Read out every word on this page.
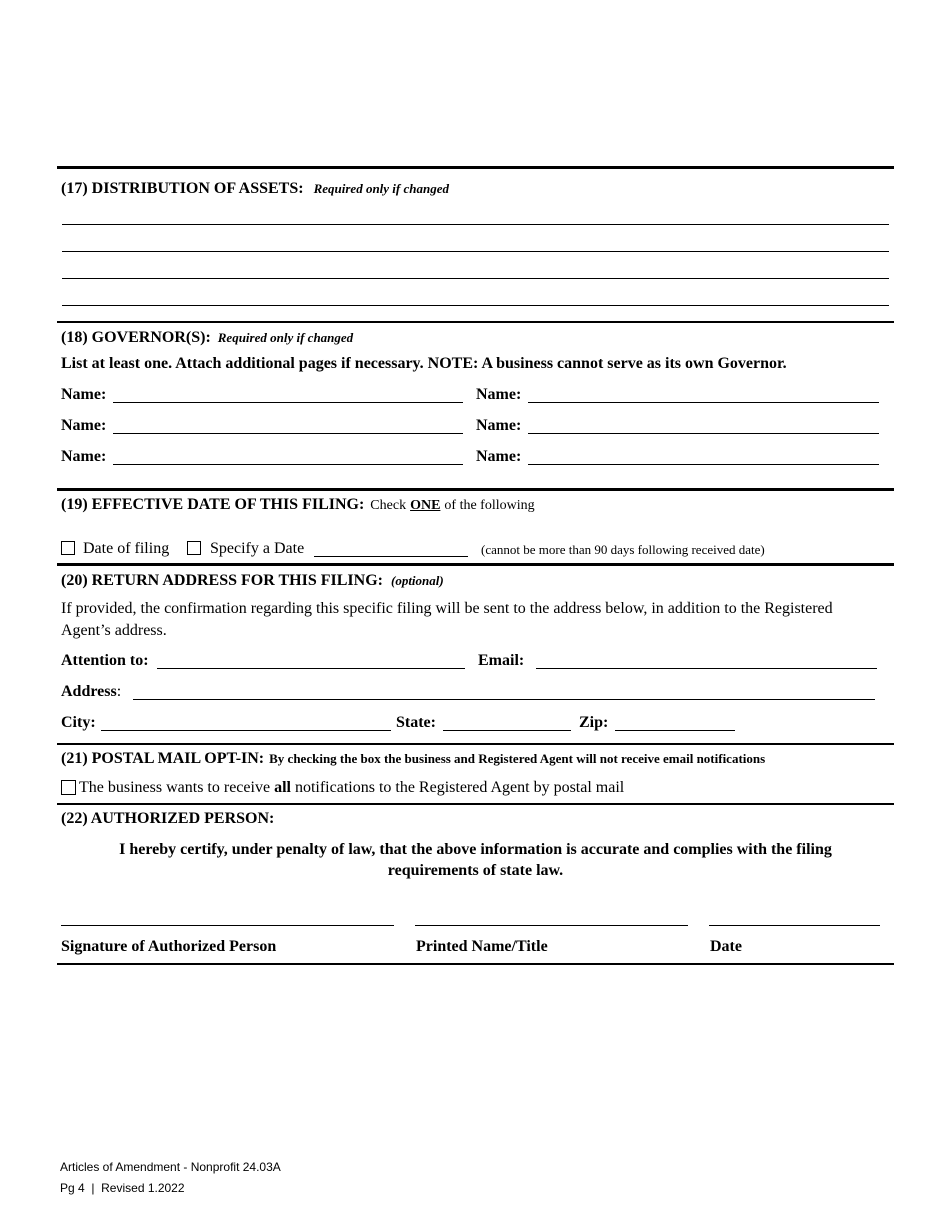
(17) DISTRIBUTION OF ASSETS: Required only if changed
(18) GOVERNOR(S): Required only if changed
List at least one. Attach additional pages if necessary. NOTE: A business cannot serve as its own Governor.
Name:	Name:
Name:	Name:
Name:	Name:
(19) EFFECTIVE DATE OF THIS FILING: Check ONE of the following
Date of filing	Specify a Date	(cannot be more than 90 days following received date)
(20) RETURN ADDRESS FOR THIS FILING: (optional)
If provided, the confirmation regarding this specific filing will be sent to the address below, in addition to the Registered
Agent’s address.
Attention to:	Email:
Address:
City:	State:	Zip:
(21) POSTAL MAIL OPT-IN: By checking the box the business and Registered Agent will not receive email notifications
The business wants to receive all notifications to the Registered Agent by postal mail
(22) AUTHORIZED PERSON:
I hereby certify, under penalty of law, that the above information is accurate and complies with the filing
requirements of state law.
Signature of Authorized Person	Printed Name/Title	Date
Articles of Amendment - Nonprofit 24.03A
Pg 4  |  Revised 1.2022
